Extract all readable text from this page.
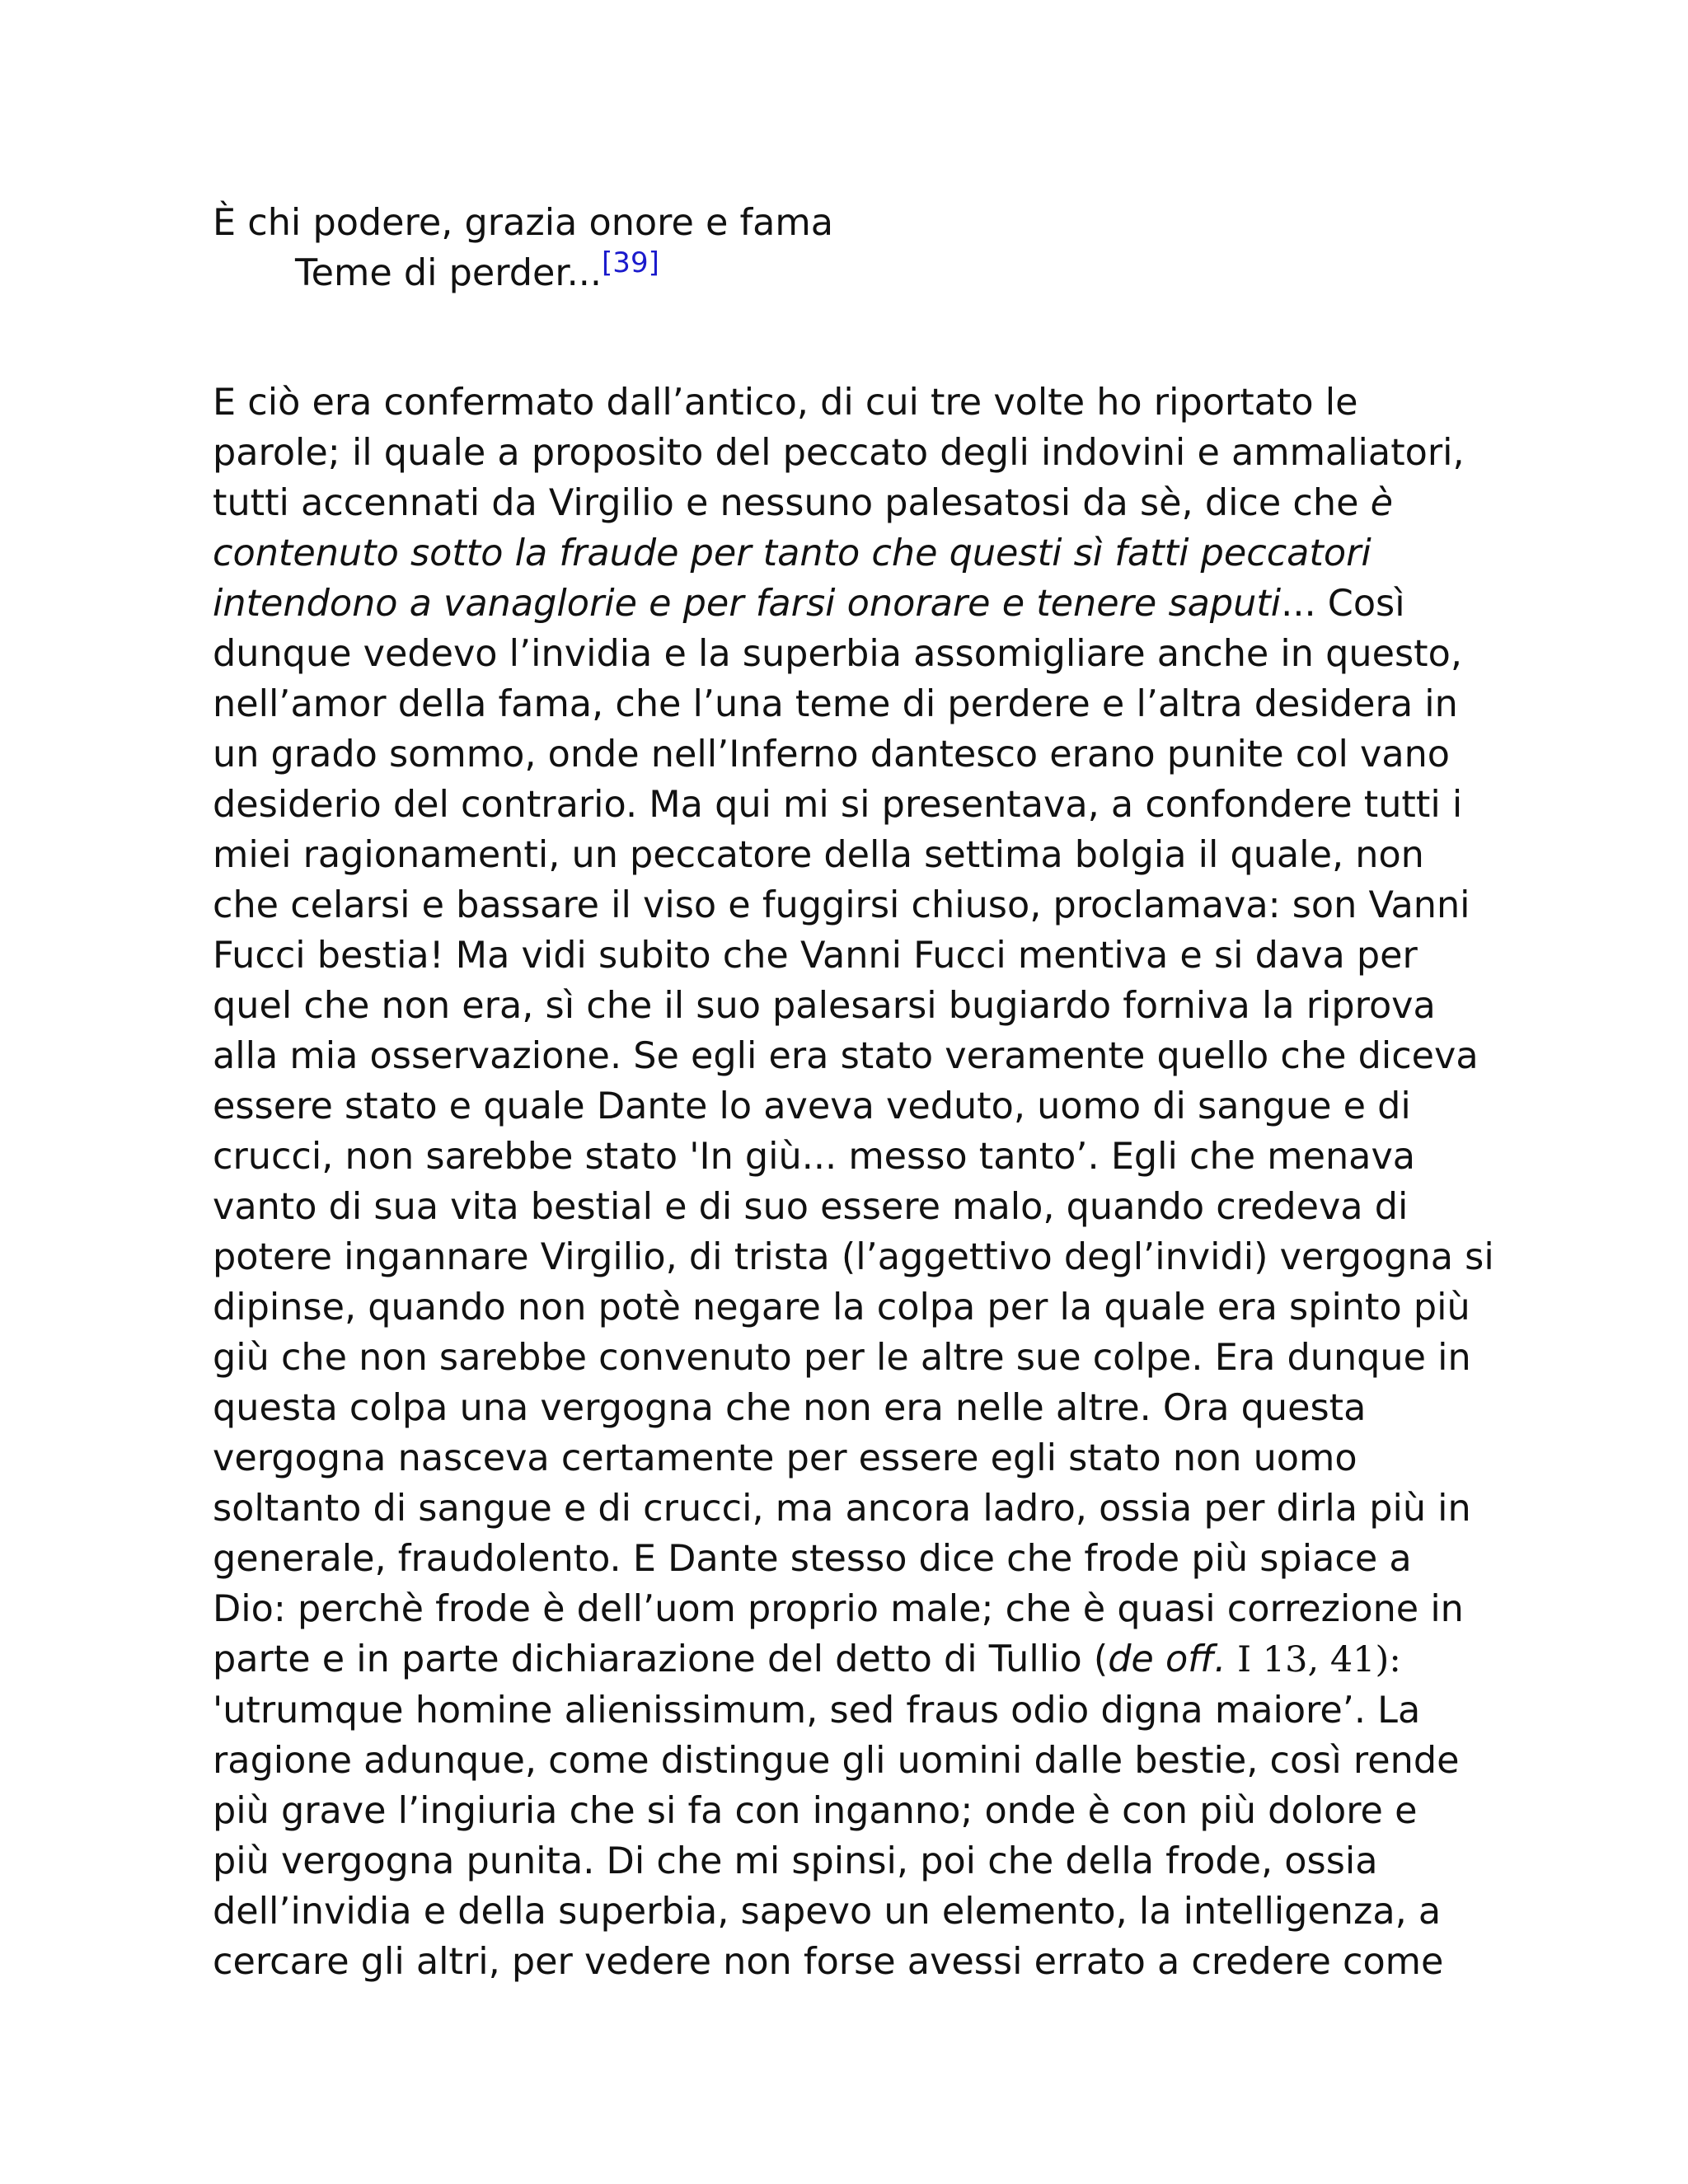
È chi podere, grazia onore e fama
Teme di perder...[39]
E ciò era confermato dall’antico, di cui tre volte ho riportato le
parole; il quale a proposito del peccato degli indovini e ammaliatori,
tutti accennati da Virgilio e nessuno palesatosi da sè, dice che è
contenuto sotto la fraude per tanto che questi sì fatti peccatori
intendono a vanaglorie e per farsi onorare e tenere saputi... Così
dunque vedevo l’invidia e la superbia assomigliare anche in questo,
nell’amor della fama, che l’una teme di perdere e l’altra desidera in
un grado sommo, onde nell’Inferno dantesco erano punite col vano
desiderio del contrario. Ma qui mi si presentava, a confondere tutti i
miei ragionamenti, un peccatore della settima bolgia il quale, non
che celarsi e bassare il viso e fuggirsi chiuso, proclamava: son Vanni
Fucci bestia! Ma vidi subito che Vanni Fucci mentiva e si dava per
quel che non era, sì che il suo palesarsi bugiardo forniva la riprova
alla mia osservazione. Se egli era stato veramente quello che diceva
essere stato e quale Dante lo aveva veduto, uomo di sangue e di
crucci, non sarebbe stato 'In giù... messo tanto’. Egli che menava
vanto di sua vita bestial e di suo essere malo, quando credeva di
potere ingannare Virgilio, di trista (l’aggettivo degl’invidi) vergogna si
dipinse, quando non potè negare la colpa per la quale era spinto più
giù che non sarebbe convenuto per le altre sue colpe. Era dunque in
questa colpa una vergogna che non era nelle altre. Ora questa
vergogna nasceva certamente per essere egli stato non uomo
soltanto di sangue e di crucci, ma ancora ladro, ossia per dirla più in
generale, fraudolento. E Dante stesso dice che frode più spiace a
Dio: perchè frode è dell’uom proprio male; che è quasi correzione in
parte e in parte dichiarazione del detto di Tullio (de off. I 13, 41):
'utrumque homine alienissimum, sed fraus odio digna maiore’. La
ragione adunque, come distingue gli uomini dalle bestie, così rende
più grave l’ingiuria che si fa con inganno; onde è con più dolore e
più vergogna punita. Di che mi spinsi, poi che della frode, ossia
dell’invidia e della superbia, sapevo un elemento, la intelligenza, a
cercare gli altri, per vedere non forse avessi errato a credere come
